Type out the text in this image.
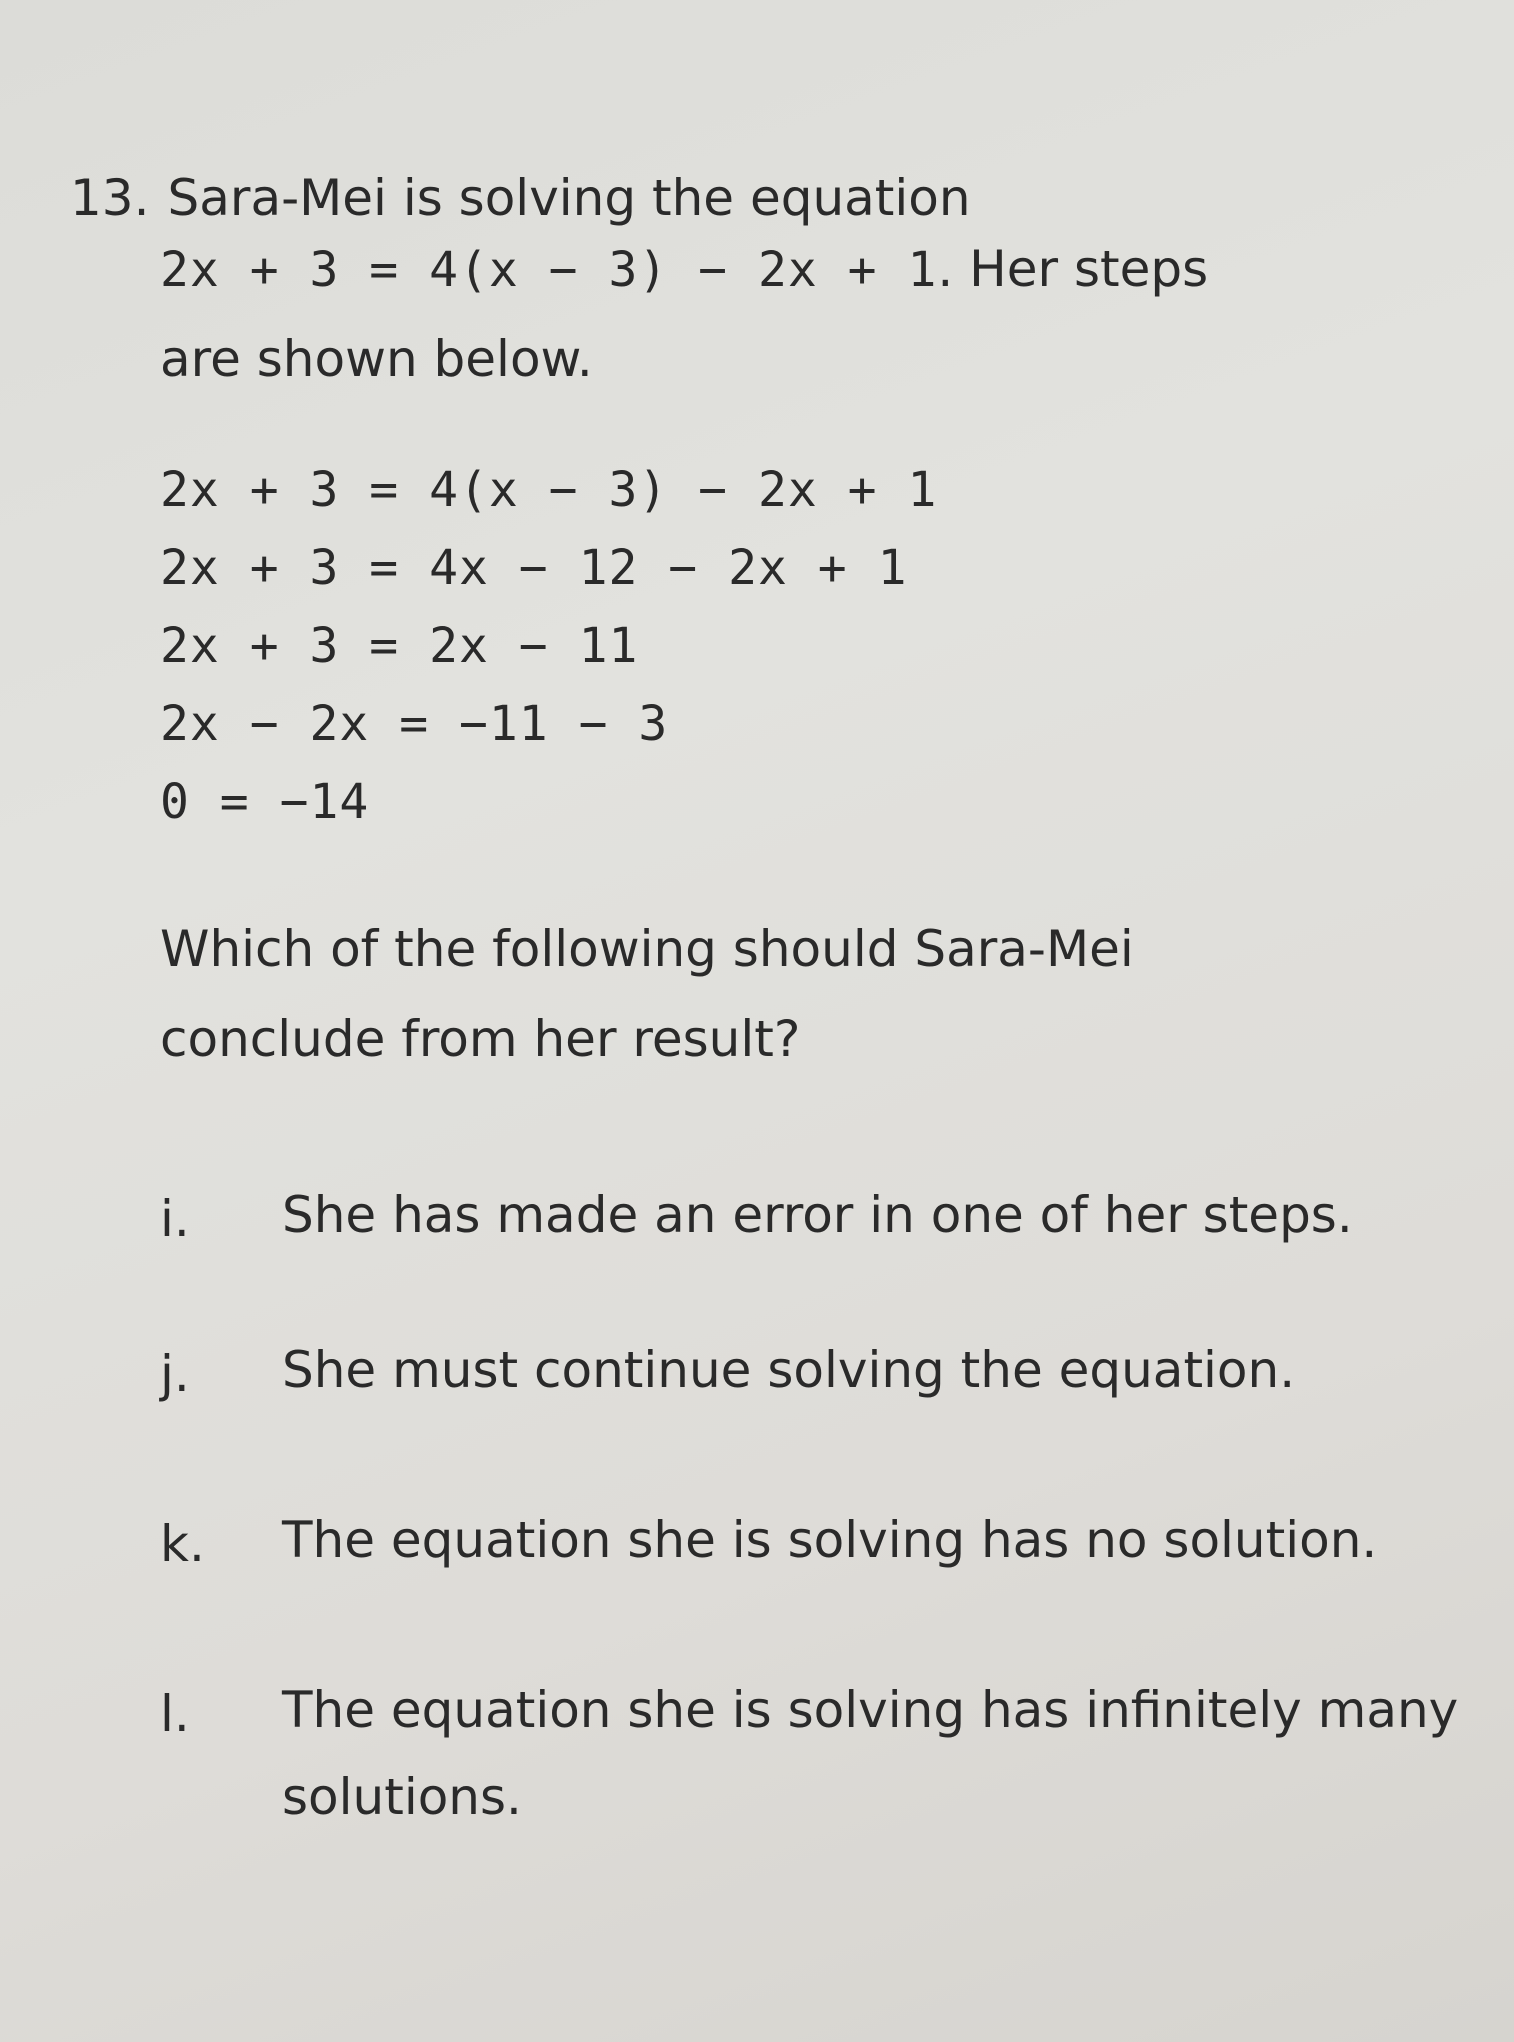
13. Sara-Mei is solving the equation
2x + 3 = 4(x − 3) − 2x + 1. Her steps
are shown below.
2x + 3 = 4(x − 3) − 2x + 1
2x + 3 = 4x − 12 − 2x + 1
2x + 3 = 2x − 11
2x − 2x = −11 − 3
0 = −14
Which of the following should Sara-Mei
conclude from her result?
i. She has made an error in one of her steps.
j. She must continue solving the equation.
k. The equation she is solving has no solution.
l. The equation she is solving has infinitely many solutions.
